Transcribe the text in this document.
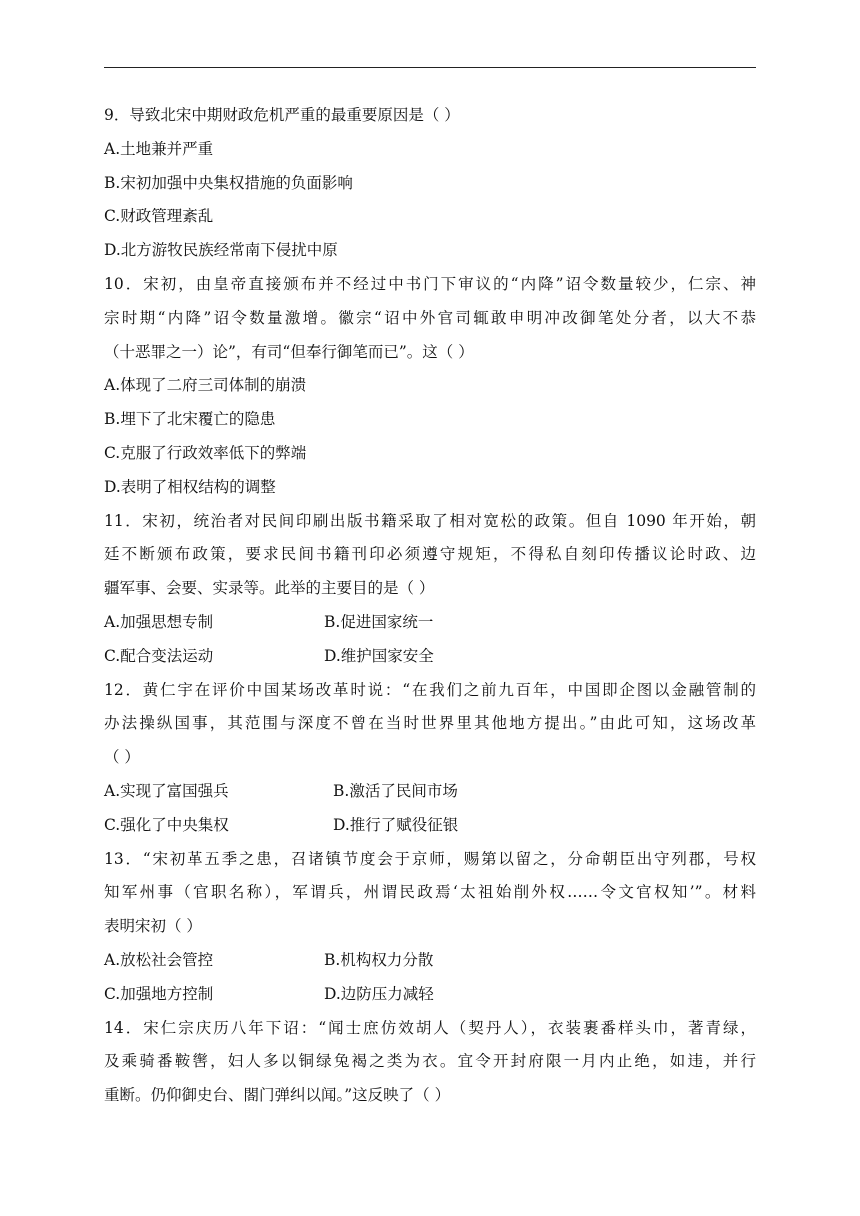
9．导致北宋中期财政危机严重的最重要原因是（ ）
A.土地兼并严重
B.宋初加强中央集权措施的负面影响
C.财政管理紊乱
D.北方游牧民族经常南下侵扰中原
10．宋初，由皇帝直接颁布并不经过中书门下审议的“内降”诏令数量较少，仁宗、神
宗时期“内降”诏令数量激增。徽宗“诏中外官司辄敢申明冲改御笔处分者，以大不恭
（十恶罪之一）论”，有司“但奉行御笔而已”。这（ ）
A.体现了二府三司体制的崩溃
B.埋下了北宋覆亡的隐患
C.克服了行政效率低下的弊端
D.表明了相权结构的调整
11．宋初，统治者对民间印刷出版书籍采取了相对宽松的政策。但自 1090 年开始，朝
廷不断颁布政策，要求民间书籍刊印必须遵守规矩，不得私自刻印传播议论时政、边
疆军事、会要、实录等。此举的主要目的是（ ）
A.加强思想专制	B.促进国家统一
C.配合变法运动	D.维护国家安全
12．黄仁宇在评价中国某场改革时说：“在我们之前九百年，中国即企图以金融管制的
办法操纵国事，其范围与深度不曾在当时世界里其他地方提出。”由此可知，这场改革
（ ）
A.实现了富国强兵	B.激活了民间市场
C.强化了中央集权	D.推行了赋役征银
13．“宋初革五季之患，召诸镇节度会于京师，赐第以留之，分命朝臣出守列郡，号权
知军州事（官职名称），军谓兵，州谓民政焉‘太祖始削外权……令文官权知’”。材料
表明宋初（ ）
A.放松社会管控	B.机构权力分散
C.加强地方控制	D.边防压力减轻
14．宋仁宗庆历八年下诏：“闻士庶仿效胡人（契丹人），衣装裹番样头巾，著青绿，
及乘骑番鞍辔，妇人多以铜绿兔褐之类为衣。宜令开封府限一月内止绝，如违，并行
重断。仍仰御史台、閤门弹纠以闻。”这反映了（ ）
